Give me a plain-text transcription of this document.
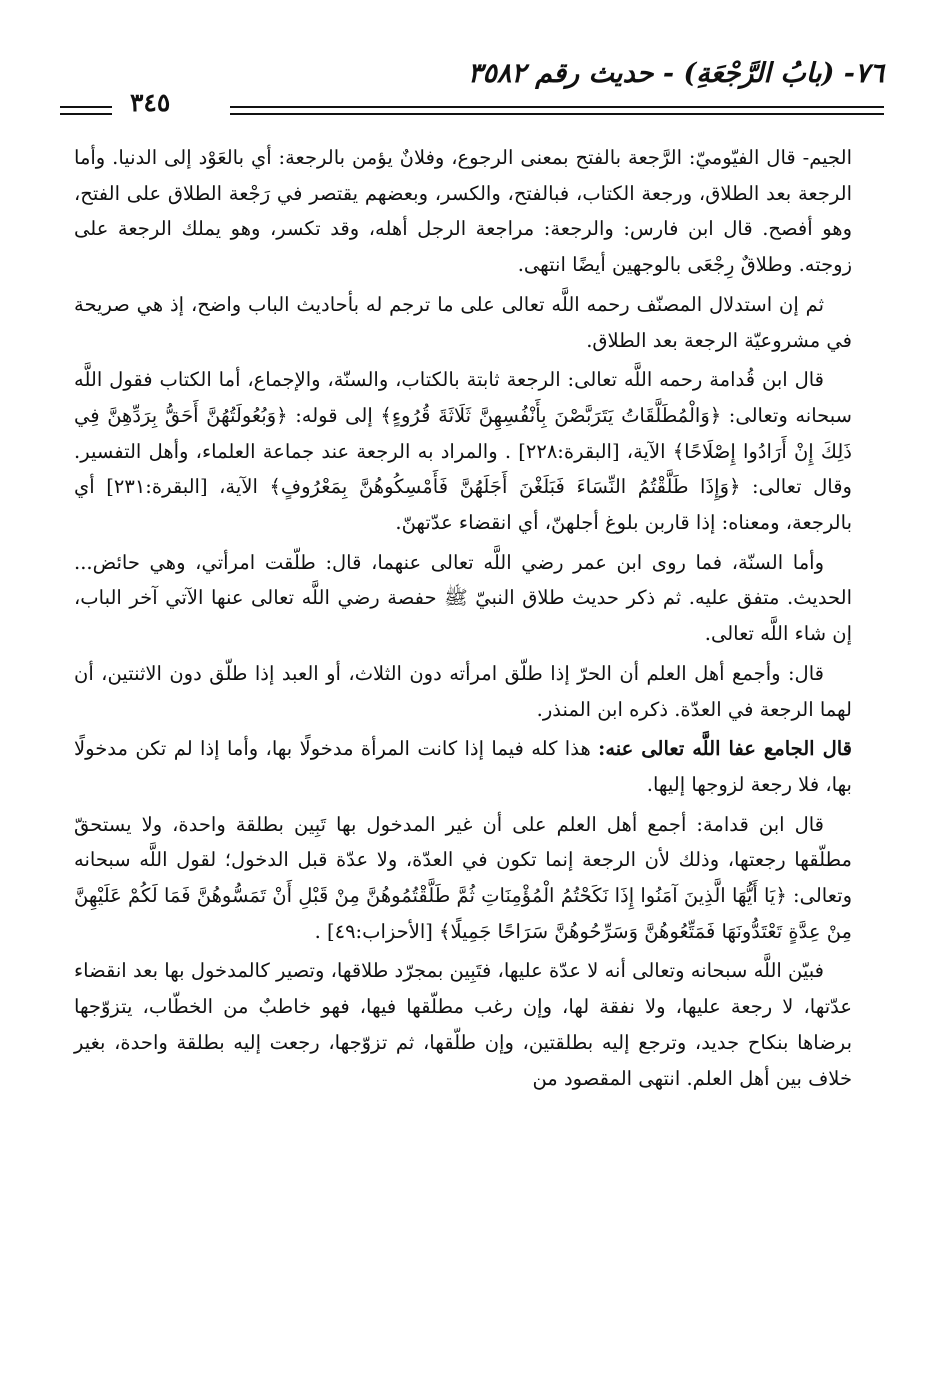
٧٦- (بابُ الرَّجْعَةِ) - حديث رقم ٣٥٨٢
٣٤٥

الجيم- قال الفيّوميّ: الرَّجعة بالفتح بمعنى الرجوع، وفلانٌ يؤمن بالرجعة: أي بالعَوْد إلى الدنيا. وأما الرجعة بعد الطلاق، ورجعة الكتاب، فبالفتح، والكسر، وبعضهم يقتصر في رَجْعة الطلاق على الفتح، وهو أفصح. قال ابن فارس: والرجعة: مراجعة الرجل أهله، وقد تكسر، وهو يملك الرجعة على زوجته. وطلاقٌ رِجْعَى بالوجهين أيضًا انتهى.

ثم إن استدلال المصنّف رحمه اللَّه تعالى على ما ترجم له بأحاديث الباب واضح، إذ هي صريحة في مشروعيّة الرجعة بعد الطلاق.

قال ابن قُدامة رحمه اللَّه تعالى: الرجعة ثابتة بالكتاب، والسنّة، والإجماع، أما الكتاب فقول اللَّه سبحانه وتعالى: ﴿وَالْمُطَلَّقَاتُ يَتَرَبَّصْنَ بِأَنْفُسِهِنَّ ثَلَاثَةَ قُرُوءٍ﴾ إلى قوله: ﴿وَبُعُولَتُهُنَّ أَحَقُّ بِرَدِّهِنَّ فِي ذَلِكَ إِنْ أَرَادُوا إِصْلَاحًا﴾ الآية، [البقرة:٢٢٨] . والمراد به الرجعة عند جماعة العلماء، وأهل التفسير. وقال تعالى: ﴿وَإِذَا طَلَّقْتُمُ النِّسَاءَ فَبَلَغْنَ أَجَلَهُنَّ فَأَمْسِكُوهُنَّ بِمَعْرُوفٍ﴾ الآية، [البقرة:٢٣١] أي بالرجعة، ومعناه: إذا قاربن بلوغ أجلهنّ، أي انقضاء عدّتهنّ.

وأما السنّة، فما روى ابن عمر رضي اللَّه تعالى عنهما، قال: طلّقت امرأتي، وهي حائض... الحديث. متفق عليه. ثم ذكر حديث طلاق النبيّ ﷺ حفصة رضي اللَّه تعالى عنها الآتي آخر الباب، إن شاء اللَّه تعالى.

قال: وأجمع أهل العلم أن الحرّ إذا طلّق امرأته دون الثلاث، أو العبد إذا طلّق دون الاثنتين، أن لهما الرجعة في العدّة. ذكره ابن المنذر.

قال الجامع عفا اللَّه تعالى عنه: هذا كله فيما إذا كانت المرأة مدخولًا بها، وأما إذا لم تكن مدخولًا بها، فلا رجعة لزوجها إليها.

قال ابن قدامة: أجمع أهل العلم على أن غير المدخول بها تَبِين بطلقة واحدة، ولا يستحقّ مطلّقها رجعتها، وذلك لأن الرجعة إنما تكون في العدّة، ولا عدّة قبل الدخول؛ لقول اللَّه سبحانه وتعالى: ﴿يَا أَيُّهَا الَّذِينَ آمَنُوا إِذَا نَكَحْتُمُ الْمُؤْمِنَاتِ ثُمَّ طَلَّقْتُمُوهُنَّ مِنْ قَبْلِ أَنْ تَمَسُّوهُنَّ فَمَا لَكُمْ عَلَيْهِنَّ مِنْ عِدَّةٍ تَعْتَدُّونَهَا فَمَتِّعُوهُنَّ وَسَرِّحُوهُنَّ سَرَاحًا جَمِيلًا﴾ [الأحزاب:٤٩] .

فبيّن اللَّه سبحانه وتعالى أنه لا عدّة عليها، فتَبِين بمجرّد طلاقها، وتصير كالمدخول بها بعد انقضاء عدّتها، لا رجعة عليها، ولا نفقة لها، وإن رغب مطلّقها فيها، فهو خاطبٌ من الخطّاب، يتزوّجها برضاها بنكاح جديد، وترجع إليه بطلقتين، وإن طلّقها، ثم تزوّجها، رجعت إليه بطلقة واحدة، بغير خلاف بين أهل العلم. انتهى المقصود من
